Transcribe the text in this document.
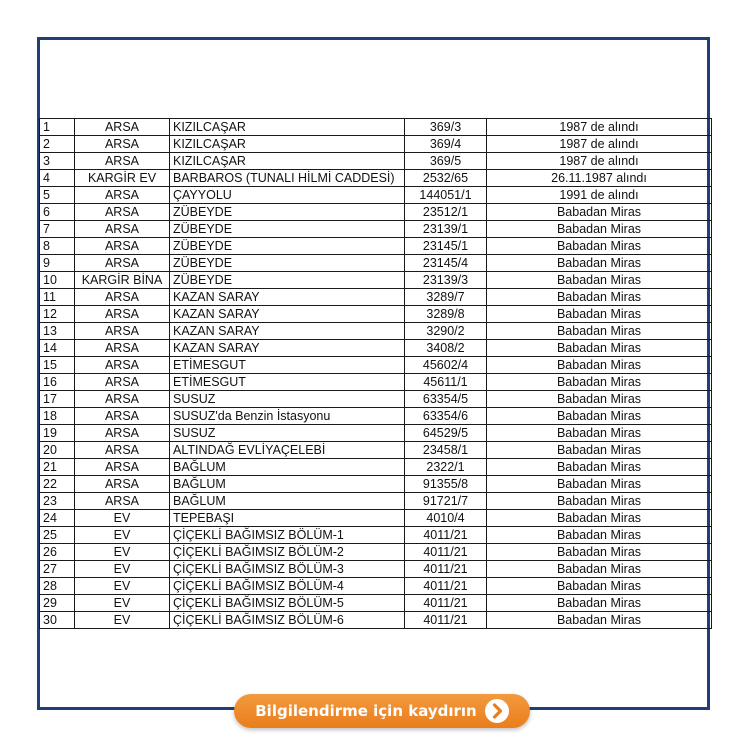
1	ARSA	KIZILCAŞAR	369/3	1987 de alındı
2	ARSA	KIZILCAŞAR	369/4	1987 de alındı
3	ARSA	KIZILCAŞAR	369/5	1987 de alındı
4	KARGİR EV	BARBAROS (TUNALI HİLMİ CADDESİ)	2532/65	26.11.1987 alındı
5	ARSA	ÇAYYOLU	144051/1	1991 de alındı
6	ARSA	ZÜBEYDE	23512/1	Babadan Miras
7	ARSA	ZÜBEYDE	23139/1	Babadan Miras
8	ARSA	ZÜBEYDE	23145/1	Babadan Miras
9	ARSA	ZÜBEYDE	23145/4	Babadan Miras
10	KARGİR BİNA	ZÜBEYDE	23139/3	Babadan Miras
11	ARSA	KAZAN SARAY	3289/7	Babadan Miras
12	ARSA	KAZAN SARAY	3289/8	Babadan Miras
13	ARSA	KAZAN SARAY	3290/2	Babadan Miras
14	ARSA	KAZAN SARAY	3408/2	Babadan Miras
15	ARSA	ETİMESGUT	45602/4	Babadan Miras
16	ARSA	ETİMESGUT	45611/1	Babadan Miras
17	ARSA	SUSUZ	63354/5	Babadan Miras
18	ARSA	SUSUZ'da Benzin İstasyonu	63354/6	Babadan Miras
19	ARSA	SUSUZ	64529/5	Babadan Miras
20	ARSA	ALTINDAĞ EVLİYAÇELEBİ	23458/1	Babadan Miras
21	ARSA	BAĞLUM	2322/1	Babadan Miras
22	ARSA	BAĞLUM	91355/8	Babadan Miras
23	ARSA	BAĞLUM	91721/7	Babadan Miras
24	EV	TEPEBAŞI	4010/4	Babadan Miras
25	EV	ÇİÇEKLİ BAĞIMSIZ BÖLÜM-1	4011/21	Babadan Miras
26	EV	ÇİÇEKLİ BAĞIMSIZ BÖLÜM-2	4011/21	Babadan Miras
27	EV	ÇİÇEKLİ BAĞIMSIZ BÖLÜM-3	4011/21	Babadan Miras
28	EV	ÇİÇEKLİ BAĞIMSIZ BÖLÜM-4	4011/21	Babadan Miras
29	EV	ÇİÇEKLİ BAĞIMSIZ BÖLÜM-5	4011/21	Babadan Miras
30	EV	ÇİÇEKLİ BAĞIMSIZ BÖLÜM-6	4011/21	Babadan Miras
Bilgilendirme için kaydırın
